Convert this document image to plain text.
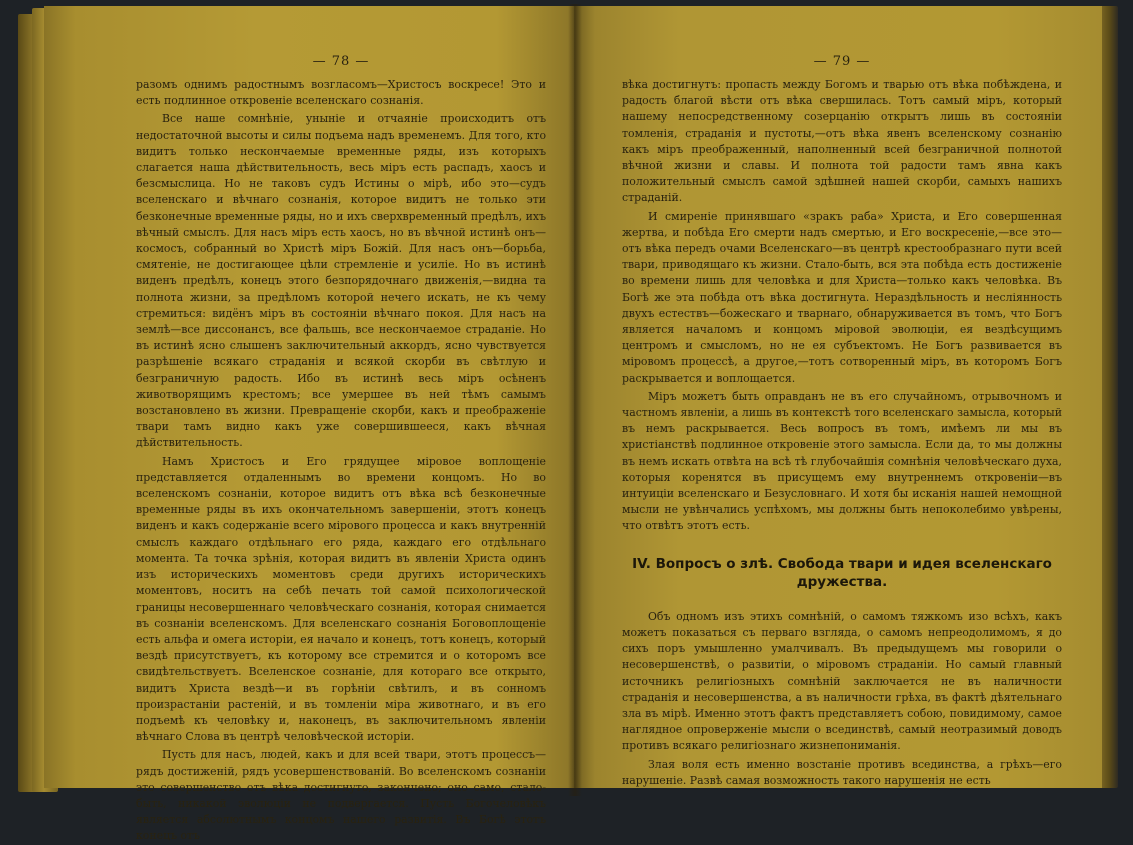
— 78 —

разомъ однимъ радостнымъ возгласомъ—Христосъ воскресе! Это и есть подлинное откровеніе вселенскаго сознанія.

Все наше сомнѣніе, уныніе и отчаяніе происходитъ отъ недостаточной высоты и силы подъема надъ временемъ. Для того, кто видитъ только нескончаемые временные ряды, изъ которыхъ слагается наша дѣйствительность, весь міръ есть распадъ, хаосъ и безсмыслица. Но не таковъ судъ Истины о мірѣ, ибо это—судъ вселенскаго и вѣчнаго сознанія, которое видитъ не только эти безконечные временные ряды, но и ихъ сверхвременный предѣлъ, ихъ вѣчный смыслъ. Для насъ міръ есть хаосъ, но въ вѣчной истинѣ онъ—космосъ, собранный во Христѣ міръ Божій. Для насъ онъ—борьба, смятеніе, не достигающее цѣли стремленіе и усиліе. Но въ истинѣ виденъ предѣлъ, конецъ этого безпорядочнаго движенія,—видна та полнота жизни, за предѣломъ которой нечего искать, не къ чему стремиться: видёнъ міръ въ состояніи вѣчнаго покоя. Для насъ на землѣ—все диссонансъ, все фальшь, все нескончаемое страданіе. Но въ истинѣ ясно слышенъ заключительный аккордъ, ясно чувствуется разрѣшеніе всякаго страданія и всякой скорби въ свѣтлую и безграничную радость. Ибо въ истинѣ весь міръ осѣненъ животворящимъ крестомъ; все умершее въ ней тѣмъ самымъ возстановлено въ жизни. Превращеніе скорби, какъ и преображеніе твари тамъ видно какъ уже совершившееся, какъ вѣчная дѣйствительность.

Намъ Христосъ и Его грядущее міровое воплощеніе представляется отдаленнымъ во времени концомъ. Но во вселенскомъ сознаніи, которое видитъ отъ вѣка всѣ безконечные временные ряды въ ихъ окончательномъ завершеніи, этотъ конецъ виденъ и какъ содержаніе всего мірового процесса и какъ внутренній смыслъ каждаго отдѣльнаго его ряда, каждаго его отдѣльнаго момента. Та точка зрѣнія, которая видитъ въ явленіи Христа одинъ изъ историческихъ моментовъ среди другихъ историческихъ моментовъ, носитъ на себѣ печать той самой психологической границы несовершеннаго человѣческаго сознанія, которая снимается въ сознаніи вселенскомъ. Для вселенскаго сознанія Боговоплощеніе есть альфа и омега исторіи, ея начало и конецъ, тотъ конецъ, который вездѣ присутствуетъ, къ которому все стремится и о которомъ все свидѣтельствуетъ. Вселенское сознаніе, для котораго все открыто, видитъ Христа вездѣ—и въ горѣніи свѣтилъ, и въ сонномъ произрастаніи растеній, и въ томленіи міра животнаго, и въ его подъемѣ къ человѣку и, наконецъ, въ заключительномъ явленіи вѣчнаго Слова въ центрѣ человѣческой исторіи.

Пусть для насъ, людей, какъ и для всей твари, этотъ процессъ—рядъ достиженій, рядъ усовершенствованій. Во вселенскомъ сознаніи это совершенство отъ вѣка достигнуто, закончено; оно само, стало-быть, никакой эволюціи не подвергается. Пусть Богочеловѣкъ является абсолютнымъ концомъ нашего развитія. Въ Богѣ этотъ конецъ отъ

— 79 —

вѣка достигнутъ: пропасть между Богомъ и тварью отъ вѣка побѣждена, и радость благой вѣсти отъ вѣка свершилась. Тотъ самый міръ, который нашему непосредственному созерцанію открытъ лишь въ состояніи томленія, страданія и пустоты,—отъ вѣка явенъ вселенскому сознанію какъ міръ преображенный, наполненный всей безграничной полнотой вѣчной жизни и славы. И полнота той радости тамъ явна какъ положительный смыслъ самой здѣшней нашей скорби, самыхъ нашихъ страданій.

И смиреніе принявшаго «зракъ раба» Христа, и Его совершенная жертва, и побѣда Его смерти надъ смертью, и Его воскресеніе,—все это—отъ вѣка передъ очами Вселенскаго—въ центрѣ крестообразнаго пути всей твари, приводящаго къ жизни. Стало-быть, вся эта побѣда есть достиженіе во времени лишь для человѣка и для Христа—только какъ человѣка. Въ Богѣ же эта побѣда отъ вѣка достигнута. Нераздѣльность и неслiянность двухъ естествъ—божескаго и тварнаго, обнаруживается въ томъ, что Богъ является началомъ и концомъ міровой эволюціи, ея вездѣсущимъ центромъ и смысломъ, но не ея субъектомъ. Не Богъ развивается въ міровомъ процессѣ, а другое,—тотъ сотворенный міръ, въ которомъ Богъ раскрывается и воплощается.

Міръ можетъ быть оправданъ не въ его случайномъ, отрывочномъ и частномъ явленіи, а лишь въ контекстѣ того вселенскаго замысла, который въ немъ раскрывается. Весь вопросъ въ томъ, имѣемъ ли мы въ христіанствѣ подлинное откровеніе этого замысла. Если да, то мы должны въ немъ искать отвѣта на всѣ тѣ глубочайшія сомнѣнія человѣческаго духа, которыя коренятся въ присущемъ ему внутреннемъ откровеніи—въ интуиціи вселенскаго и Безусловнаго. И хотя бы исканія нашей немощной мысли не увѣнчались успѣхомъ, мы должны быть непоколебимо увѣрены, что отвѣтъ этотъ есть.

IV. Вопросъ о злѣ. Свобода твари и идея вселенскаго дружества.

Объ одномъ изъ этихъ сомнѣній, о самомъ тяжкомъ изо всѣхъ, какъ можетъ показаться съ перваго взгляда, о самомъ непреодолимомъ, я до сихъ поръ умышленно умалчивалъ. Въ предыдущемъ мы говорили о несовершенствѣ, о развитіи, о міровомъ страданіи. Но самый главный источникъ религіозныхъ сомнѣній заключается не въ наличности страданія и несовершенства, а въ наличности грѣха, въ фактѣ дѣятельнаго зла въ мірѣ. Именно этотъ фактъ представляетъ собою, повидимому, самое наглядное опроверженіе мысли о всединствѣ, самый неотразимый доводъ противъ всякаго религіознаго жизнепониманія.

Злая воля есть именно возстаніе противъ всединства, а грѣхъ—его нарушеніе. Развѣ самая возможность такого нарушенія не есть
